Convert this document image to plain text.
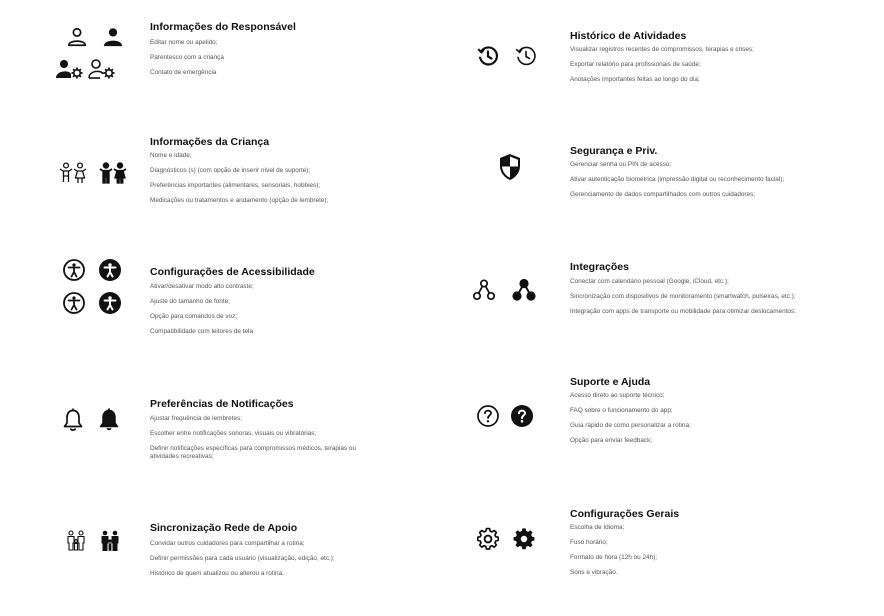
Informações do Responsável
Editar nome ou apelido;
Parentesco com a criança
Contato de emergência
Histórico de Atividades
Visualizar registros recentes de compromissos, terapias e crises;
Exportar relatório para profissionais de saúde;
Anotações importantes feitas ao longo do dia;
Informações da Criança
Nome e idade;
Diagnósticos (s) (com opção de inserir nível de suporte);
Preferências importantes (alimentares, sensoriais, hobbies);
Medicações ou tratamentos e andamento (opção de lembrete);
Segurança e Priv.
Gerenciar senha ou PIN de acesso;
Ativar autenticação biométrica (impressão digital ou reconhecimento facial);
Gerenciamento de dados compartilhados com outros cuidadores;
Configurações de Acessibilidade
Ativar/desativar modo alto contraste;
Ajuste do tamanho de fonte;
Opção para comandos de voz;
Compatibilidade com leitores de tela
Integrações
Conectar com calendário pessoal (Google, iCloud, etc.);
Sincronização com dispositivos de monitoramento (smartwatch, pulseiras, etc.);
Integração com apps de transporte ou mobilidade para otimizar deslocamentos;
Preferências de Notificações
Ajustar frequência de lembretes;
Escolher entre notificações sonoras, visuais ou vibratórias;
Definir notificações específicas para compromissos médicos, terapias ou atividades recreativas;
Suporte e Ajuda
Acesso direto ao suporte técnico;
FAQ sobre o funcionamento do app;
Guia rápido de como personalizar a rotina;
Opção para enviar feedback;
Sincronização Rede de Apoio
Convidar outros cuidadores para compartilhar a rotina;
Definir permissões para cada usuário (visualização, edição, etc.);
Histórico de quem atualizou ou alterou a rotina.
Configurações Gerais
Escolha de Idioma;
Fuso horário;
Formato de hora (12h ou 24h);
Sons e vibração.
